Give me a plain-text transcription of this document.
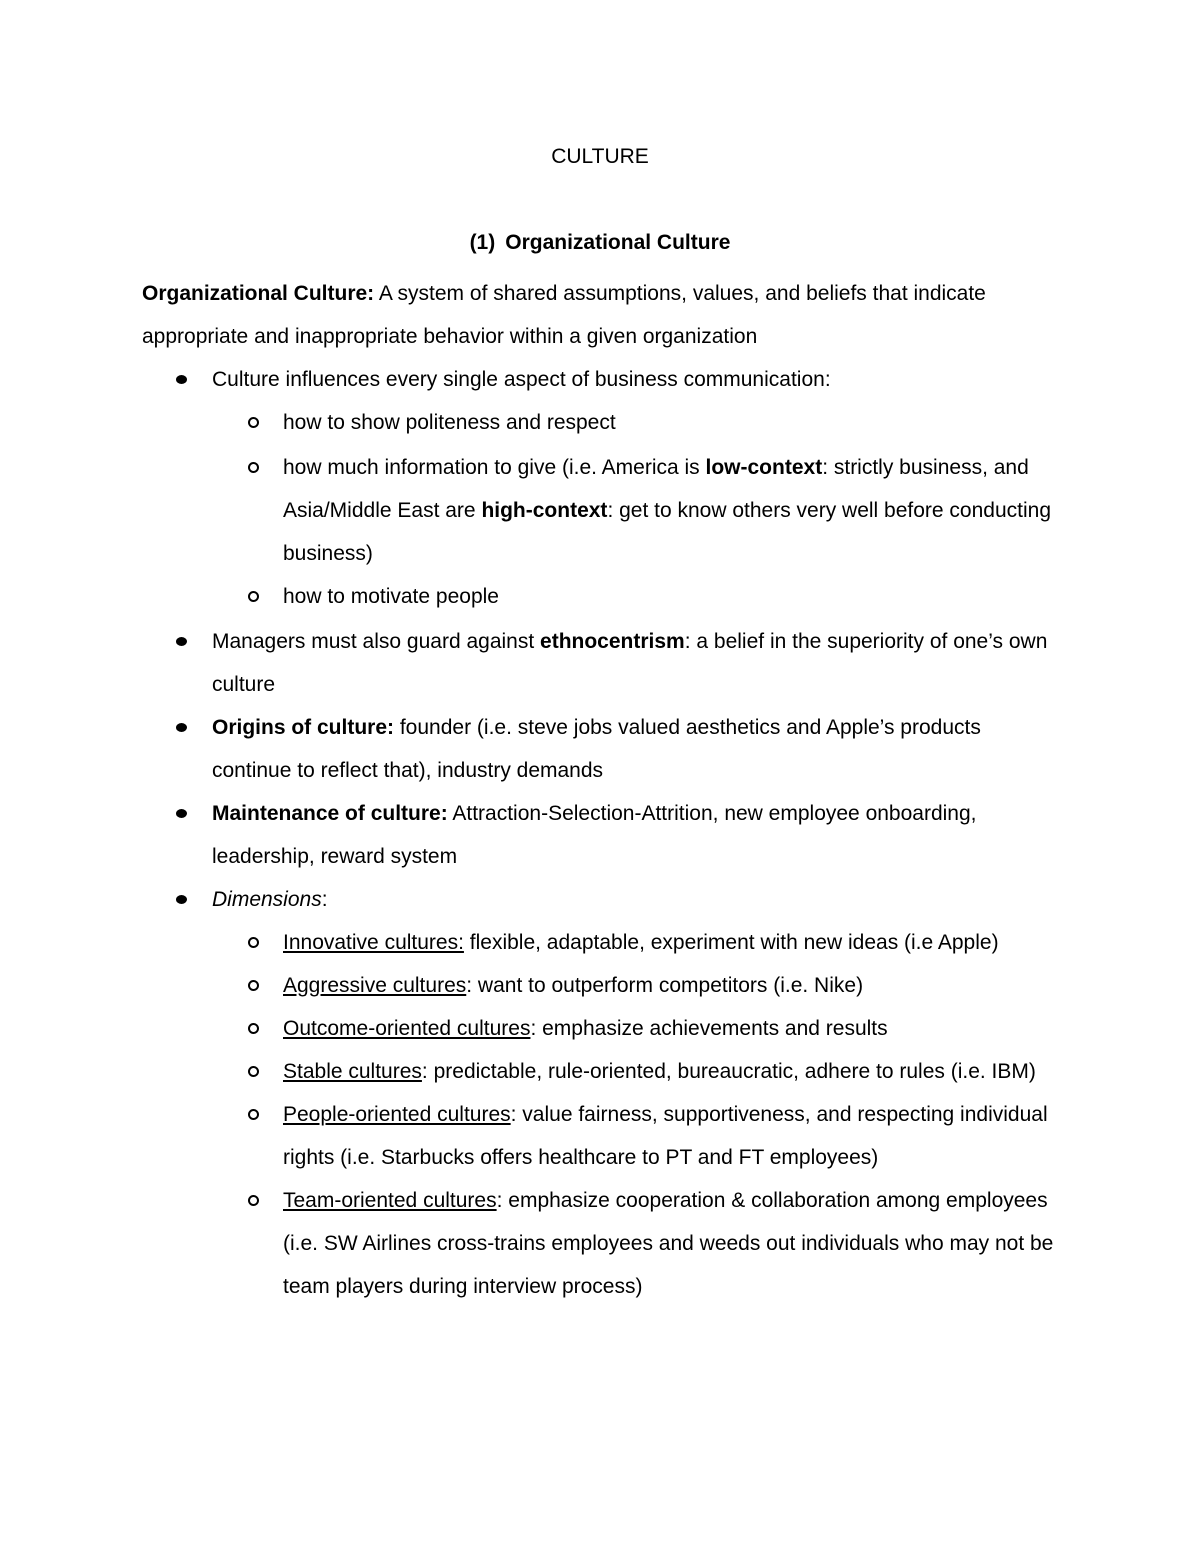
CULTURE
(1) Organizational Culture

Organizational Culture: A system of shared assumptions, values, and beliefs that indicate appropriate and inappropriate behavior within a given organization

Culture influences every single aspect of business communication:
how to show politeness and respect
how much information to give (i.e. America is low-context: strictly business, and Asia/Middle East are high-context: get to know others very well before conducting business)
how to motivate people
Managers must also guard against ethnocentrism: a belief in the superiority of one’s own culture
Origins of culture: founder (i.e. steve jobs valued aesthetics and Apple’s products continue to reflect that), industry demands
Maintenance of culture: Attraction-Selection-Attrition, new employee onboarding, leadership, reward system
Dimensions:
Innovative cultures: flexible, adaptable, experiment with new ideas (i.e Apple)
Aggressive cultures: want to outperform competitors (i.e. Nike)
Outcome-oriented cultures: emphasize achievements and results
Stable cultures: predictable, rule-oriented, bureaucratic, adhere to rules (i.e. IBM)
People-oriented cultures: value fairness, supportiveness, and respecting individual rights (i.e. Starbucks offers healthcare to PT and FT employees)
Team-oriented cultures: emphasize cooperation & collaboration among employees (i.e. SW Airlines cross-trains employees and weeds out individuals who may not be team players during interview process)
